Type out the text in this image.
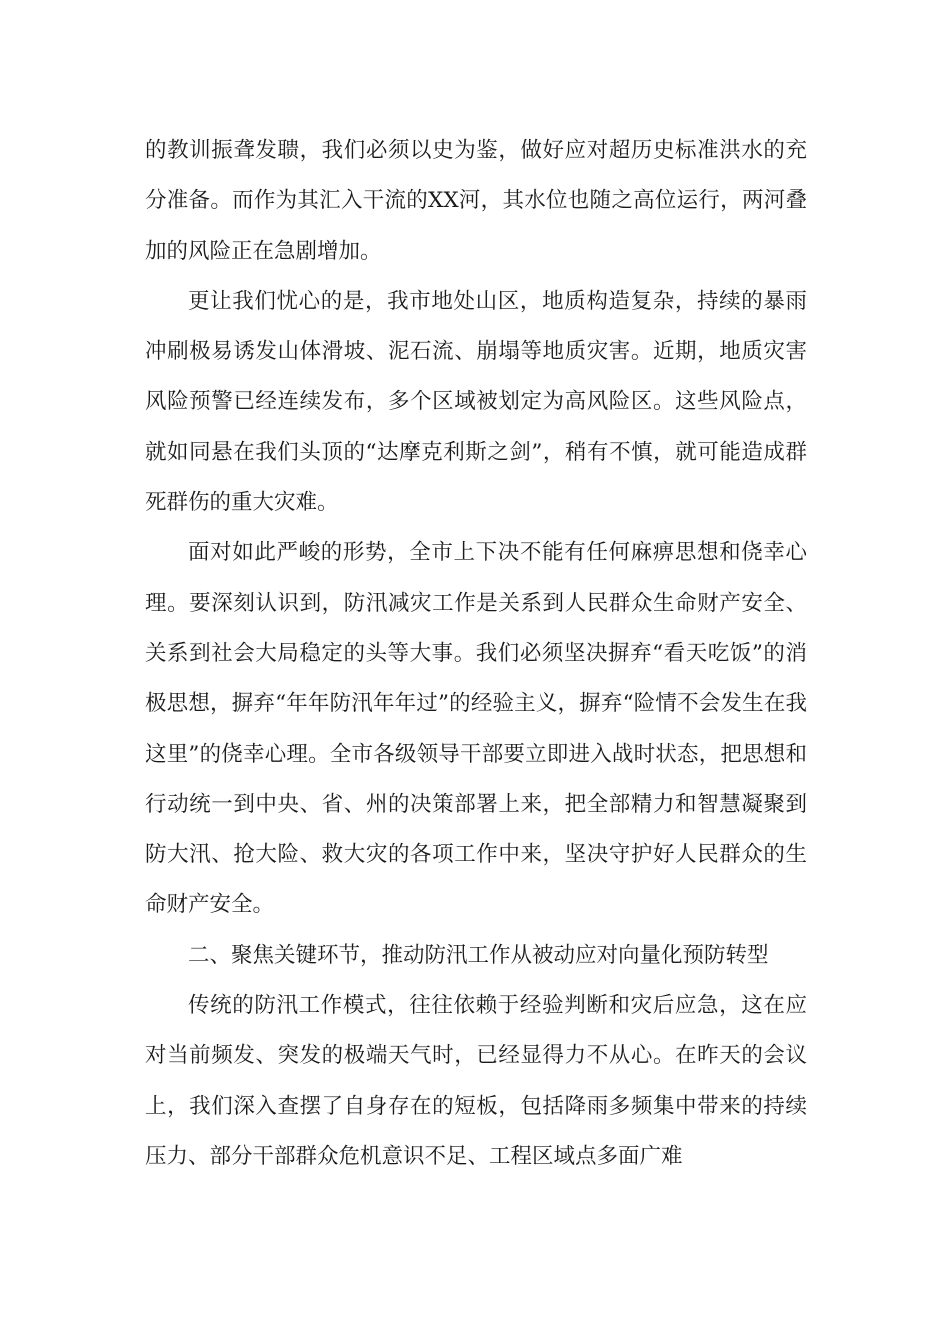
的教训振聋发聩，我们必须以史为鉴，做好应对超历史标准洪水的充分准备。而作为其汇入干流的XX河，其水位也随之高位运行，两河叠加的风险正在急剧增加。

更让我们忧心的是，我市地处山区，地质构造复杂，持续的暴雨冲刷极易诱发山体滑坡、泥石流、崩塌等地质灾害。近期，地质灾害风险预警已经连续发布，多个区域被划定为高风险区。这些风险点，就如同悬在我们头顶的“达摩克利斯之剑”，稍有不慎，就可能造成群死群伤的重大灾难。

面对如此严峻的形势，全市上下决不能有任何麻痹思想和侥幸心理。要深刻认识到，防汛减灾工作是关系到人民群众生命财产安全、关系到社会大局稳定的头等大事。我们必须坚决摒弃“看天吃饭”的消极思想，摒弃“年年防汛年年过”的经验主义，摒弃“险情不会发生在我这里”的侥幸心理。全市各级领导干部要立即进入战时状态，把思想和行动统一到中央、省、州的决策部署上来，把全部精力和智慧凝聚到防大汛、抢大险、救大灾的各项工作中来，坚决守护好人民群众的生命财产安全。

二、聚焦关键环节，推动防汛工作从被动应对向量化预防转型

传统的防汛工作模式，往往依赖于经验判断和灾后应急，这在应对当前频发、突发的极端天气时，已经显得力不从心。在昨天的会议上，我们深入查摆了自身存在的短板，包括降雨多频集中带来的持续压力、部分干部群众危机意识不足、工程区域点多面广难
